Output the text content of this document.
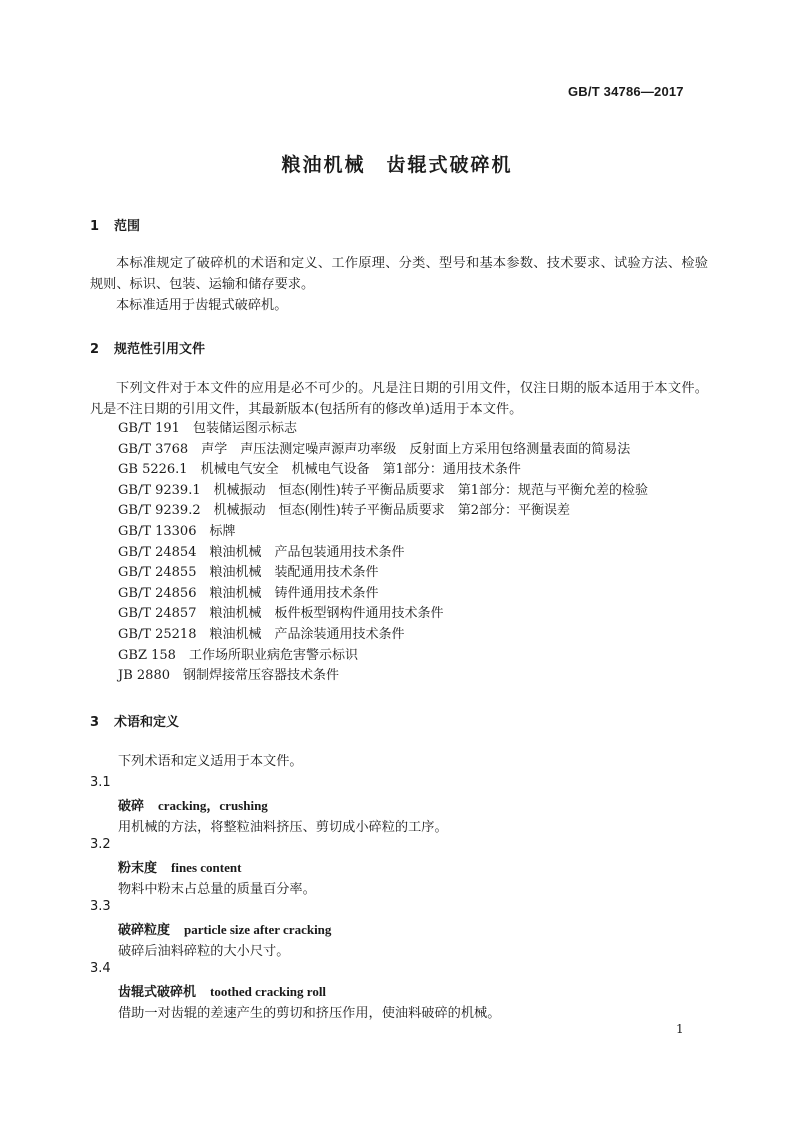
GB/T 34786—2017
粮油机械　齿辊式破碎机
1 范围

本标准规定了破碎机的术语和定义、工作原理、分类、型号和基本参数、技术要求、试验方法、检验规则、标识、包装、运输和储存要求。

本标准适用于齿辊式破碎机。

2 规范性引用文件

下列文件对于本文件的应用是必不可少的。凡是注日期的引用文件，仅注日期的版本适用于本文件。凡是不注日期的引用文件，其最新版本(包括所有的修改单)适用于本文件。

GB/T 191　 包装储运图示标志
GB/T 3768　 声学　声压法测定噪声源声功率级　反射面上方采用包络测量表面的简易法
GB 5226.1　 机械电气安全　机械电气设备　第1部分：通用技术条件
GB/T 9239.1　 机械振动　恒态(刚性)转子平衡品质要求　第1部分：规范与平衡允差的检验
GB/T 9239.2　 机械振动　恒态(刚性)转子平衡品质要求　第2部分：平衡误差
GB/T 13306　 标牌
GB/T 24854　 粮油机械　产品包装通用技术条件
GB/T 24855　 粮油机械　装配通用技术条件
GB/T 24856　 粮油机械　铸件通用技术条件
GB/T 24857　 粮油机械　板件板型钢构件通用技术条件
GB/T 25218　 粮油机械　产品涂装通用技术条件
GBZ 158　 工作场所职业病危害警示标识
JB 2880　 钢制焊接常压容器技术条件
3 术语和定义
下列术语和定义适用于本文件。
3.1
破碎 cracking，crushing
用机械的方法，将整粒油料挤压、剪切成小碎粒的工序。
3.2
粉末度 fines content
物料中粉末占总量的质量百分率。
3.3
破碎粒度 particle size after cracking
破碎后油料碎粒的大小尺寸。
3.4
齿辊式破碎机 toothed cracking roll
借助一对齿辊的差速产生的剪切和挤压作用，使油料破碎的机械。
1
